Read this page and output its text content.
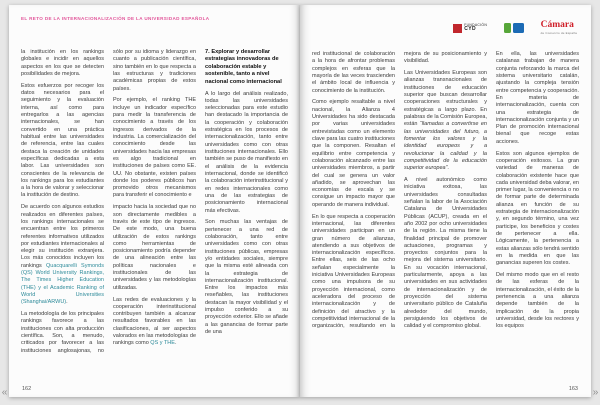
EL RETO DE LA INTERNACIONALIZACIÓN DE LA UNIVERSIDAD ESPAÑOLA

la institución en los rankings globales e incidir en aquellos aspectos en los que se detecten posibilidades de mejora.

Estos esfuerzos por recoger los datos necesarios para el seguimiento y la evaluación interna, así como para entregarlos a las agencias internacionales, se han convertido en una práctica habitual entre las universidades de referencia, entre las cuales destaca la creación de unidades específicas dedicadas a esta labor. Las universidades son conscientes de la relevancia de los rankings para los estudiantes a la hora de valorar y seleccionar la institución de destino.

De acuerdo con algunos estudios realizados en diferentes países, los rankings internacionales se encuentran entre los primeros referentes informativos utilizados por estudiantes internacionales al elegir su institución extranjera. Los más conocidos incluyen los rankings Quacquarelli Symonds (QS) World University Rankings, The Times Higher Education (THE) y el Academic Ranking of World Universities (Shanghai/ARWU).

La metodología de los principales rankings favorece a las instituciones con alta producción científica. Son, a menudo, criticados por favorecer a las instituciones anglosajonas, no sólo por su idioma y liderazgo en cuanto a publicación científica, sino también en lo que respecta a las estructuras y tradiciones académicas propias de estos países.

Por ejemplo, el ranking THE incluye un indicador específico para medir la transferencia de conocimiento a través de los ingresos derivados de la industria. La comercialización del conocimiento desde las universidades hacia las empresas es algo tradicional en instituciones de países como EE. UU. No obstante, existen países donde los poderes públicos han promovido otros mecanismos para transferir el conocimiento e

impacto hacia la sociedad que no son directamente medibles a través de este tipo de ingresos. De este modo, una buena utilización de estos rankings como herramientas de posicionamiento podría depender de una alineación entre las políticas nacionales e institucionales de las universidades y las metodologías utilizadas.

Las redes de evaluaciones y la cooperación interinstitucional contribuyen también a alcanzar resultados favorables en las clasificaciones, al ser aspectos valorados en las metodologías de rankings como QS y THE.

7. Explorar y desarrollar estrategias innovadoras de colaboración estable y sostenible, tanto a nivel nacional como internacional

A lo largo del análisis realizado, todas las universidades seleccionadas para este estudio han destacado la importancia de la cooperación y colaboración estratégica en los procesos de internacionalización, tanto entre universidades como con otras instituciones internacionales. Ello también se puso de manifiesto en el análisis de la evidencia internacional, donde se identificó la colaboración interinstitucional y en redes internacionales como una de las estrategias de posicionamiento internacional más efectivas.

Son muchas las ventajas de pertenecer a una red de colaboración, tanto entre universidades como con otras instituciones públicas, empresas y/o entidades sociales, siempre que la misma esté alineada con la estrategia de internacionalización institucional. Entre los impactos más reseñables, las instituciones destacan la mayor visibilidad y el impulso conferido a su proyección exterior. Ello se añade a las ganancias de formar parte de una

162
FUNDACIÓN
CYD	Cámara
de Comercio de España

red institucional de colaboración a la hora de afrontar problemas complejos en esferas que la mayoría de las veces trascienden el ámbito local de influencia y conocimiento de la institución.

Como ejemplo resaltable a nivel nacional, la Alianza 4 Universidades ha sido destacada por varias universidades entrevistadas como un elemento clave para las cuatro instituciones que la componen. Resaltan el equilibrio entre competencia y colaboración alcanzado entre las universidades miembros, a partir del cual se genera un valor añadido, se aprovechan las economías de escala y se consigue un impacto mayor que operando de manera individual.

En lo que respecta a cooperación internacional, las diferentes universidades participan en un gran número de alianzas, atendiendo a sus objetivos de internacionalización específicos. Entre ellas, seis de las ocho señalan especialmente la iniciativa Universidades Europeas como una impulsora de su proyección internacional, como aceleradora del proceso de internacionalización y de definición del atractivo y la competitividad internacional de la organización, resultando en la mejora de su posicionamiento y visibilidad.

Las Universidades Europeas son alianzas transnacionales de instituciones de educación superior que buscan desarrollar cooperaciones estructurales y estratégicas a largo plazo. En palabras de la Comisión Europea, están “llamadas a convertirse en las universidades del futuro, a fomentar los valores y la identidad europeos y a revolucionar la calidad y la competitividad de la educación superior europea”.

A nivel autonómico como iniciativa exitosa, las universidades consultadas señalan la labor de la Asociación Catalana de Universidades Públicas (ACUP), creada en el año 2002 por ocho universidades de la región. La misma tiene la finalidad principal de promover actuaciones, programas y proyectos conjuntos para la mejora del sistema universitario. En su vocación internacional, particularmente, apoya a las universidades en sus actividades de internacionalización y de proyección del sistema universitario público de Cataluña alrededor del mundo, persiguiendo los objetivos de calidad y el compromiso global.

En ella, las universidades catalanas trabajan de manera conjunta reforzando la marca del sistema universitario catalán, ajustando la compleja tensión entre competencia y cooperación. En materia de internacionalización, cuenta con una estrategia de internacionalización conjunta y un Plan de promoción internacional bienal que recoge estas acciones.

Estos son algunos ejemplos de cooperación exitosos. La gran variedad de maneras de colaboración existente hace que cada universidad deba valorar, en primer lugar, la conveniencia o no de formar parte de determinada alianza en función de su estrategia de internacionalización y, en segundo término, una vez participe, los beneficios y costes de pertenecer a ella. Lógicamente, la pertenencia a estas alianzas sólo tendrá sentido en la medida en que las ganancias superen los costes.

Del mismo modo que en el resto de las esferas de la internacionalización, el éxito de la pertenencia a una alianza depende también de la implicación de la propia universidad, desde los rectores y los equipos

163
«	»
